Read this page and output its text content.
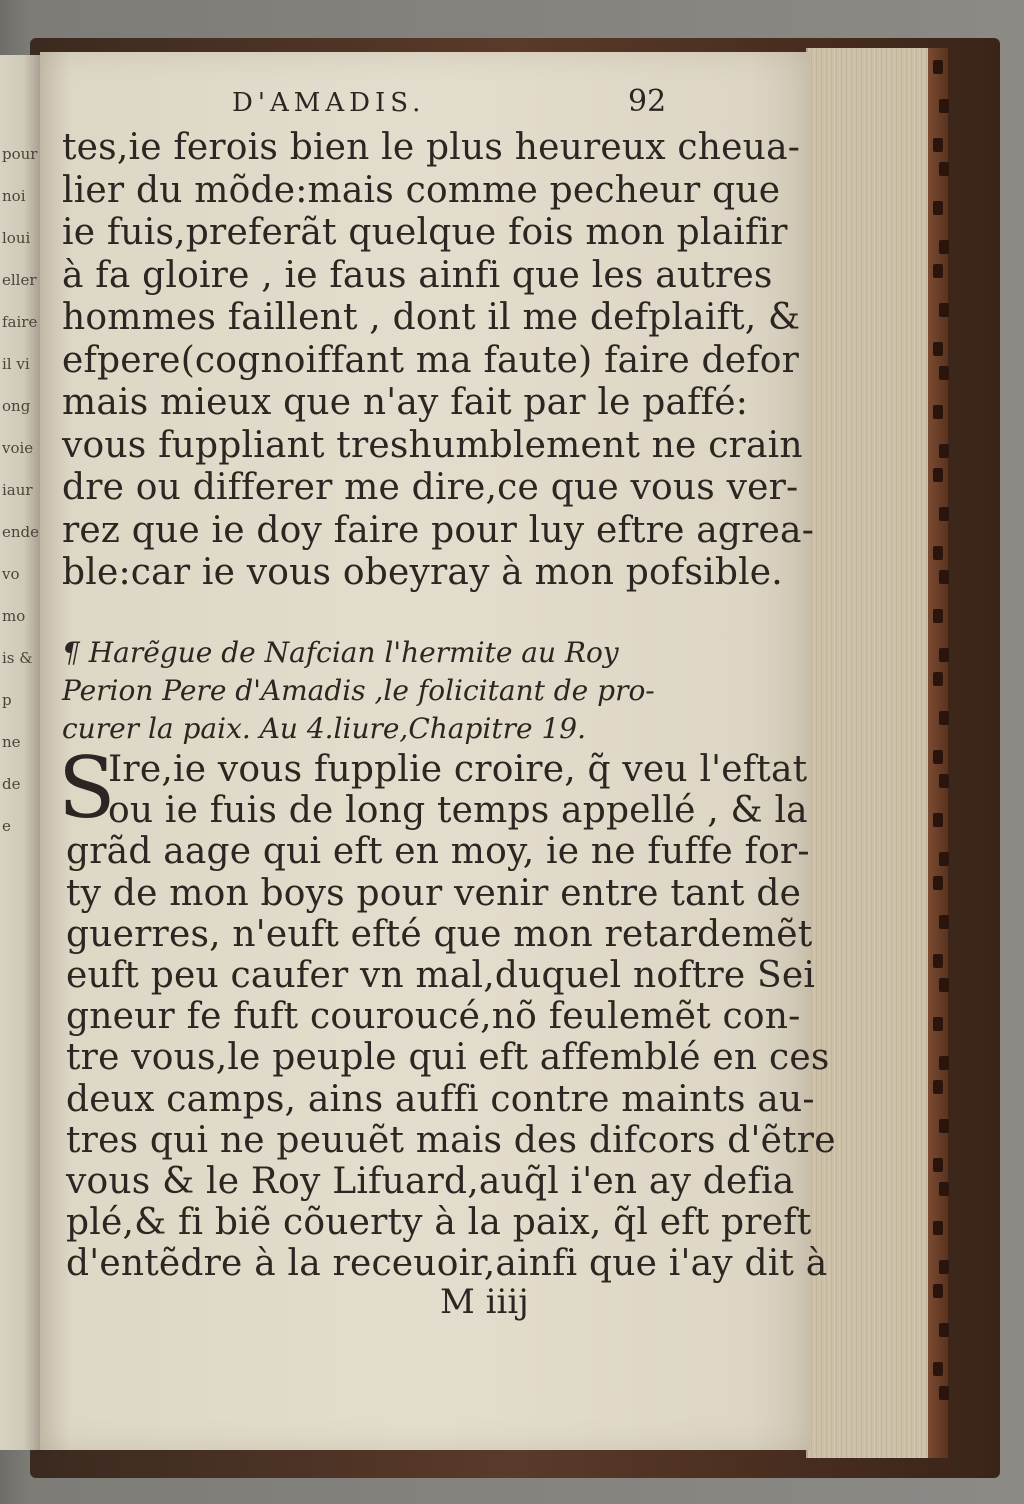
pour
noi
loui
eller
faire
il vi
ong
voie
iaur
ende
vo
mo
is &
p
ne
de
e
D'AMADIS.	92
tes,ie ferois bien le plus heureux cheua-
lier du mõde:mais comme pecheur que
ie fuis,preferãt quelque fois mon plaifir
à fa gloire , ie faus ainfi que les autres
hommes faillent , dont il me defplaift, &
efpere(cognoiffant ma faute) faire defor
mais mieux que n'ay fait par le paffé:
vous fuppliant treshumblement ne crain
dre ou differer me dire,ce que vous ver-
rez que ie doy faire pour luy eftre agrea-
ble:car ie vous obeyray à mon pofsible.
¶ Harẽgue de Nafcian l'hermite au Roy
Perion Pere d'Amadis ,le folicitant de pro-
curer la paix. Au 4.liure,Chapitre 19.
S
Ire,ie vous fupplie croire, q̃ veu l'eftat
ou ie fuis de long temps appellé , & la
grãd aage qui eft en moy, ie ne fuffe for-
ty de mon boys pour venir entre tant de
guerres, n'euft efté que mon retardemẽt
euft peu caufer vn mal,duquel noftre Sei
gneur fe fuft couroucé,nõ feulemẽt con-
tre vous,le peuple qui eft affemblé en ces
deux camps, ains auffi contre maints au-
tres qui ne peuuẽt mais des difcors d'ẽtre
vous & le Roy Lifuard,auq̃l i'en ay defia
plé,& fi biẽ cõuerty à la paix, q̃l eft preft
d'entẽdre à la receuoir,ainfi que i'ay dit à
M iiij
